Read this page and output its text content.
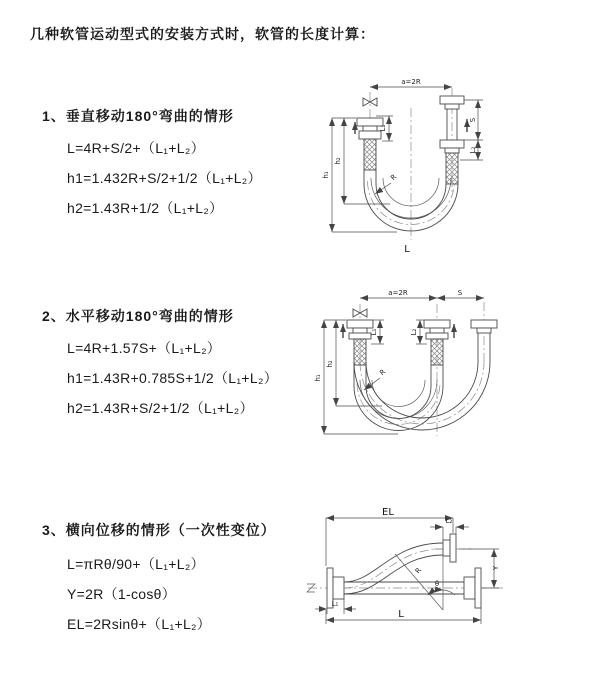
几种软管运动型式的安装方式时，软管的长度计算：
1、垂直移动180°弯曲的情形
L=4R+S/2+（L₁+L₂）
h1=1.432R+S/2+1/2（L₁+L₂）
h2=1.43R+1/2（L₁+L₂）
2、水平移动180°弯曲的情形
L=4R+1.57S+（L₁+L₂）
h1=1.43R+0.785S+1/2（L₁+L₂）
h2=1.43R+S/2+1/2（L₁+L₂）
3、横向位移的情形（一次性变位）
L=πRθ/90+（L₁+L₂）
Y=2R（1-cosθ）
EL=2Rsinθ+（L₁+L₂）
a=2R
L₁
h₁
h₂
S
L₂
R
L
a=2R	S
L₁	L₂
h₁
h₂
R
EL
L₂
θ
R	Y
L₁
L
